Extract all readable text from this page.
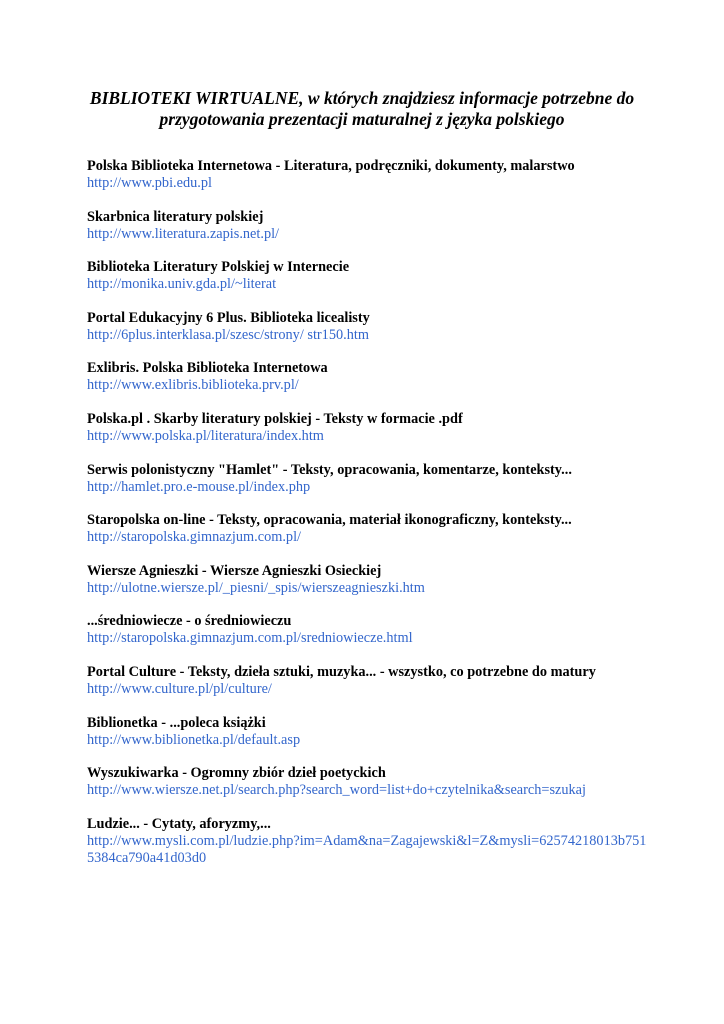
BIBLIOTEKI WIRTUALNE, w których znajdziesz informacje potrzebne do przygotowania prezentacji maturalnej z języka polskiego
Polska Biblioteka Internetowa - Literatura, podręczniki, dokumenty, malarstwo
http://www.pbi.edu.pl
Skarbnica literatury polskiej
http://www.literatura.zapis.net.pl/
Biblioteka Literatury Polskiej w Internecie
http://monika.univ.gda.pl/~literat
Portal Edukacyjny 6 Plus. Biblioteka licealisty
http://6plus.interklasa.pl/szesc/strony/ str150.htm
Exlibris. Polska Biblioteka Internetowa
http://www.exlibris.biblioteka.prv.pl/
Polska.pl . Skarby literatury polskiej - Teksty w formacie .pdf
http://www.polska.pl/literatura/index.htm
Serwis polonistyczny "Hamlet" - Teksty, opracowania, komentarze, konteksty...
http://hamlet.pro.e-mouse.pl/index.php
Staropolska on-line - Teksty, opracowania, materiał ikonograficzny, konteksty...
http://staropolska.gimnazjum.com.pl/
Wiersze Agnieszki - Wiersze Agnieszki Osieckiej
http://ulotne.wiersze.pl/_piesni/_spis/wierszeagnieszki.htm
...średniowiecze - o średniowieczu
http://staropolska.gimnazjum.com.pl/sredniowiecze.html
Portal Culture - Teksty, dzieła sztuki, muzyka... - wszystko, co potrzebne do matury
http://www.culture.pl/pl/culture/
Biblionetka - ...poleca książki
http://www.biblionetka.pl/default.asp
Wyszukiwarka - Ogromny zbiór dzieł poetyckich
http://www.wiersze.net.pl/search.php?search_word=list+do+czytelnika&search=szukaj
Ludzie... - Cytaty, aforyzmy,...
http://www.mysli.com.pl/ludzie.php?im=Adam&na=Zagajewski&l=Z&mysli=62574218013b7515384ca790a41d03d0
